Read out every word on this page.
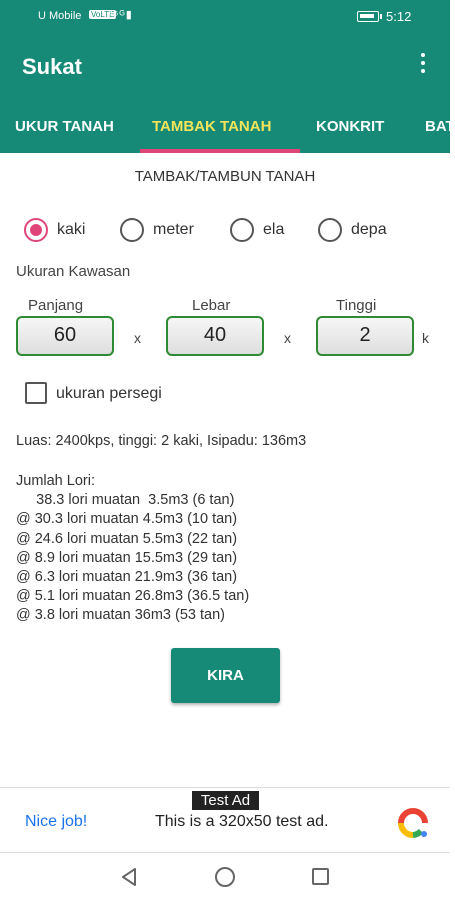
U Mobile VoLTE
⁴⁶ᴳ▮	5:12
Sukat
UKUR TANAH	TAMBAK TANAH	KONKRIT	BAT
TAMBAK/TAMBUN TANAH
kaki	meter	ela	depa
Ukuran Kawasan
Panjang	Lebar	Tinggi
60	x	40	x	2	k
ukuran persegi
Luas: 2400kps, tinggi: 2 kaki, Isipadu: 136m3
Jumlah Lori:
38.3 lori muatan  3.5m3 (6 tan)
@ 30.3 lori muatan 4.5m3 (10 tan)
@ 24.6 lori muatan 5.5m3 (22 tan)
@ 8.9 lori muatan 15.5m3 (29 tan)
@ 6.3 lori muatan 21.9m3 (36 tan)
@ 5.1 lori muatan 26.8m3 (36.5 tan)
@ 3.8 lori muatan 36m3 (53 tan)
KIRA
Test Ad
Nice job!	This is a 320x50 test ad.
